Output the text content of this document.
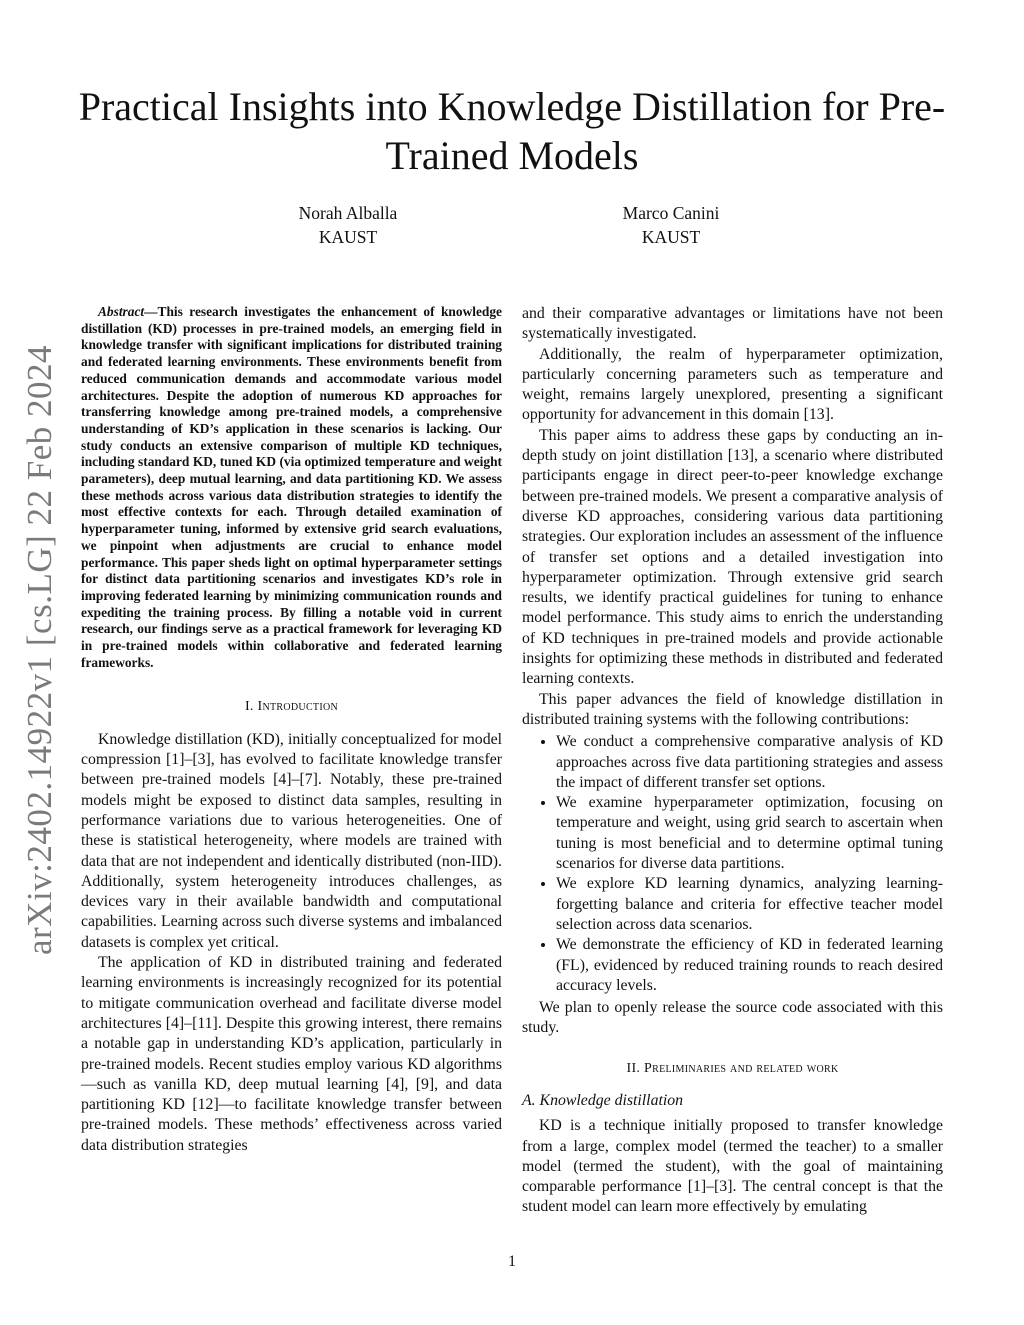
arXiv:2402.14922v1 [cs.LG] 22 Feb 2024
Practical Insights into Knowledge Distillation for Pre-Trained Models
Norah Alballa
KAUST
Marco Canini
KAUST

Abstract—This research investigates the enhancement of knowledge distillation (KD) processes in pre-trained models, an emerging field in knowledge transfer with significant implications for distributed training and federated learning environments. These environments benefit from reduced communication demands and accommodate various model architectures. Despite the adoption of numerous KD approaches for transferring knowledge among pre-trained models, a comprehensive understanding of KD’s application in these scenarios is lacking. Our study conducts an extensive comparison of multiple KD techniques, including standard KD, tuned KD (via optimized temperature and weight parameters), deep mutual learning, and data partitioning KD. We assess these methods across various data distribution strategies to identify the most effective contexts for each. Through detailed examination of hyperparameter tuning, informed by extensive grid search evaluations, we pinpoint when adjustments are crucial to enhance model performance. This paper sheds light on optimal hyperparameter settings for distinct data partitioning scenarios and investigates KD’s role in improving federated learning by minimizing communication rounds and expediting the training process. By filling a notable void in current research, our findings serve as a practical framework for leveraging KD in pre-trained models within collaborative and federated learning frameworks.

I. Introduction

Knowledge distillation (KD), initially conceptualized for model compression [1]–[3], has evolved to facilitate knowledge transfer between pre-trained models [4]–[7]. Notably, these pre-trained models might be exposed to distinct data samples, resulting in performance variations due to various heterogeneities. One of these is statistical heterogeneity, where models are trained with data that are not independent and identically distributed (non-IID). Additionally, system heterogeneity introduces challenges, as devices vary in their available bandwidth and computational capabilities. Learning across such diverse systems and imbalanced datasets is complex yet critical.

The application of KD in distributed training and federated learning environments is increasingly recognized for its potential to mitigate communication overhead and facilitate diverse model architectures [4]–[11]. Despite this growing interest, there remains a notable gap in understanding KD’s application, particularly in pre-trained models. Recent studies employ various KD algorithms—such as vanilla KD, deep mutual learning [4], [9], and data partitioning KD [12]—to facilitate knowledge transfer between pre-trained models. These methods’ effectiveness across varied data distribution strategies

and their comparative advantages or limitations have not been systematically investigated.

Additionally, the realm of hyperparameter optimization, particularly concerning parameters such as temperature and weight, remains largely unexplored, presenting a significant opportunity for advancement in this domain [13].

This paper aims to address these gaps by conducting an in-depth study on joint distillation [13], a scenario where distributed participants engage in direct peer-to-peer knowledge exchange between pre-trained models. We present a comparative analysis of diverse KD approaches, considering various data partitioning strategies. Our exploration includes an assessment of the influence of transfer set options and a detailed investigation into hyperparameter optimization. Through extensive grid search results, we identify practical guidelines for tuning to enhance model performance. This study aims to enrich the understanding of KD techniques in pre-trained models and provide actionable insights for optimizing these methods in distributed and federated learning contexts.

This paper advances the field of knowledge distillation in distributed training systems with the following contributions:

• We conduct a comprehensive comparative analysis of KD approaches across five data partitioning strategies and assess the impact of different transfer set options.
• We examine hyperparameter optimization, focusing on temperature and weight, using grid search to ascertain when tuning is most beneficial and to determine optimal tuning scenarios for diverse data partitions.
• We explore KD learning dynamics, analyzing learning-forgetting balance and criteria for effective teacher model selection across data scenarios.
• We demonstrate the efficiency of KD in federated learning (FL), evidenced by reduced training rounds to reach desired accuracy levels.

We plan to openly release the source code associated with this study.

II. Preliminaries and related work
A. Knowledge distillation

KD is a technique initially proposed to transfer knowledge from a large, complex model (termed the teacher) to a smaller model (termed the student), with the goal of maintaining comparable performance [1]–[3]. The central concept is that the student model can learn more effectively by emulating

1
